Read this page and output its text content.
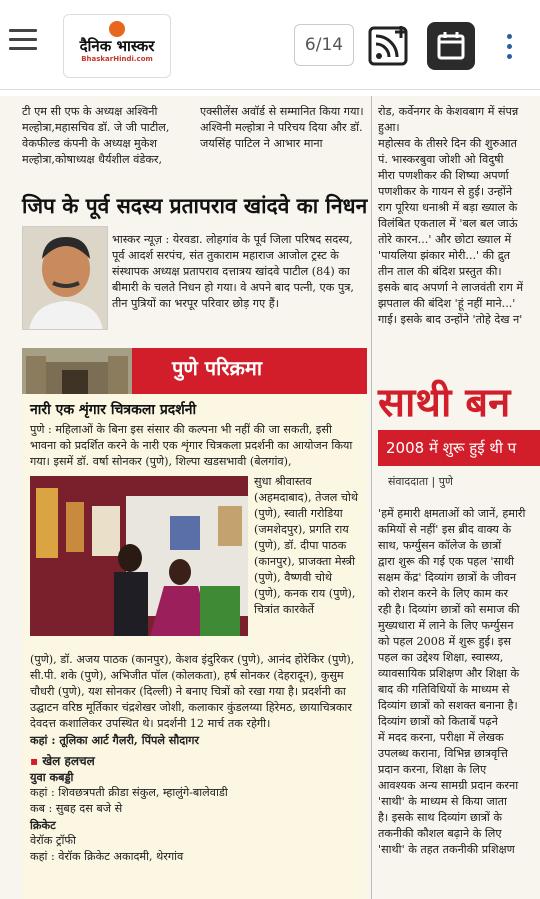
दैनिक भास्कर
BhaskarHindi.com
6/14
टी एम सी एफ के अध्यक्ष अश्विनी मल्होत्रा,महासचिव डॉ. जे जी पाटील, वेकफील्ड कंपनी के अध्यक्ष मुकेश मल्होत्रा,कोषाध्यक्ष धैर्यशील वंडेकर,
एक्सीलेंस अवॉर्ड से सम्मानित किया गया। अश्विनी मल्होत्रा ने परिचय दिया और डॉ. जयसिंह पाटिल ने आभार माना
रोड, कर्वेनगर के केशवबाग में संपन्न
हुआ।
महोत्सव के तीसरे दिन की शुरुआत
पं. भास्करबुवा जोशी ओ विदुषी
मीरा पणशीकर की शिष्या अपर्णा
पणशीकर के गायन से हुई। उन्होंने
राग पूरिया धनाश्री में बड़ा ख्याल के
विलंबित एकताल में 'बल बल जाऊं
तोरे कारन...' और छोटा ख्याल में
'पायलिया झंकार मोरी...' की द्रुत
तीन ताल की बंदिश प्रस्तुत की।
इसके बाद अपर्णा ने लाजवंती राग में
झपताल की बंदिश 'हूं नहीं माने...'
गाई। इसके बाद उन्होंने 'तोहे देख न'
जिप के पूर्व सदस्य प्रतापराव खांदवे का निधन
भास्कर न्यूज़ : येरवडा. लोहगांव के पूर्व जिला परिषद सदस्य, पूर्व आदर्श सरपंच, संत तुकाराम महाराज आजोल ट्रस्ट के संस्थापक अध्यक्ष प्रतापराव दत्तात्रय खांदवे पाटील (84) का बीमारी के चलते निधन हो गया। वे अपने बाद पत्नी, एक पुत्र, तीन पुत्रियों का भरपूर परिवार छोड़ गए हैं।
पुणे परिक्रमा
नारी एक शृंगार चित्रकला प्रदर्शनी
पुणे : महिलाओं के बिना इस संसार की कल्पना भी नहीं की जा सकती, इसी भावना को प्रदर्शित करने के नारी एक शृंगार चित्रकला प्रदर्शनी का आयोजन किया गया। इसमें डॉ. वर्षा सोनकर (पुणे), शिल्पा खडसभावी (बेलगांव),
सुधा श्रीवास्तव (अहमदाबाद), तेजल चोथे (पुणे), स्वाती गरोडिया (जमशेदपुर), प्रगति राय (पुणे), डॉ. दीपा पाठक (कानपुर), प्राजक्ता मेस्त्री (पुणे), वैष्णवी चोथे (पुणे), कनक राय (पुणे), चित्रांत कारकेर्ते
(पुणे), डॉ. अजय पाठक (कानपुर), केशव इंदुरिकर (पुणे), आनंद होरेकिर (पुणे), सी.पी. शके (पुणे), अभिजीत पॉल (कोलकता), हर्ष सोनकर (देहरादून), कुसुम चौधरी (पुणे), यश सोनकर (दिल्ली) ने बनाए चित्रों को रखा गया है। प्रदर्शनी का उद्घाटन वरिष्ठ मूर्तिकार चंद्रशेखर जोशी, कलाकार कुंडलय्या हिरेमठ, छायाचित्रकार देवदत्त कशालिकर उपस्थित थे। प्रदर्शनी 12 मार्च तक रहेगी।
कहां : तूलिका आर्ट गैलरी, पिंपले सौदागर
▪ खेल हलचल
युवा कबड्डी
कहां : शिवछत्रपती क्रीडा संकुल, म्हालुंगे-बालेवाडी
कब : सुबह दस बजे से
क्रिकेट
वेरॉक ट्रॉफी
कहां : वेरॉक क्रिकेट अकादमी, थेरगांव
साथी बन
2008 में शुरू हुई थी प
संवाददाता | पुणे
'हमें हमारी क्षमताओं को जानें, हमारी
कमियों से नहीं' इस ब्रीद वाक्य के
साथ, फर्ग्युसन कॉलेज के छात्रों
द्वारा शुरू की गई एक पहल 'साथी
सक्षम केंद्र' दिव्यांग छात्रों के जीवन
को रोशन करने के लिए काम कर
रही है। दिव्यांग छात्रों को समाज की
मुख्यधारा में लाने के लिए फर्ग्युसन
को पहल 2008 में शुरू हुई। इस
पहल का उद्देश्य शिक्षा, स्वास्थ्य,
व्यावसायिक प्रशिक्षण और शिक्षा के
बाद की गतिविधियों के माध्यम से
दिव्यांग छात्रों को सशक्त बनाना है।
दिव्यांग छात्रों को किताबें पढ़ने
में मदद करना, परीक्षा में लेखक
उपलब्ध कराना, विभिन्न छात्रवृत्ति
प्रदान करना, शिक्षा के लिए
आवश्यक अन्य सामग्री प्रदान करना
'साथी' के माध्यम से किया जाता
है। इसके साथ दिव्यांग छात्रों के
तकनीकी कौशल बढ़ाने के लिए
'साथी' के तहत तकनीकी प्रशिक्षण
